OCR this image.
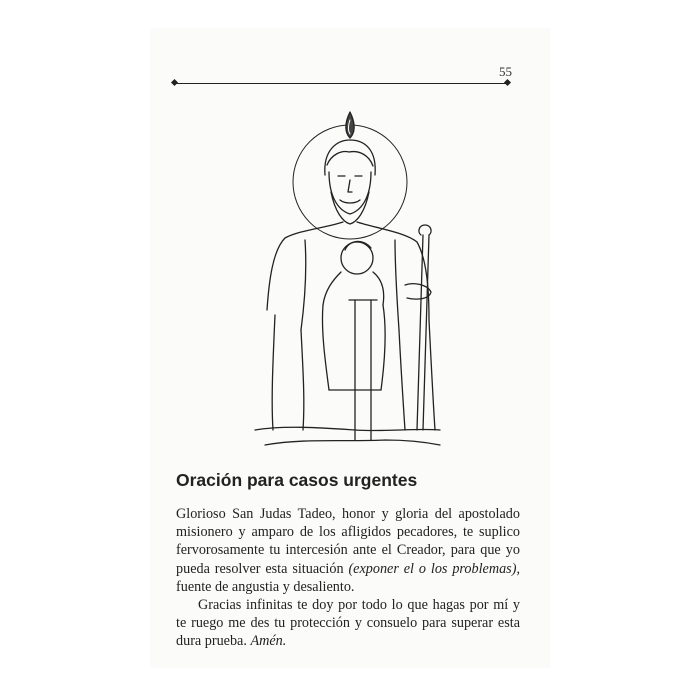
55
Oración para casos urgentes

Glorioso San Judas Tadeo, honor y gloria del apostolado misionero y amparo de los afligidos pecadores, te suplico fervorosamente tu intercesión ante el Creador, para que yo pueda resolver esta situación (exponer el o los problemas), fuente de angustia y desaliento.

Gracias infinitas te doy por todo lo que hagas por mí y te ruego me des tu protección y consuelo para superar esta dura prueba. Amén.
